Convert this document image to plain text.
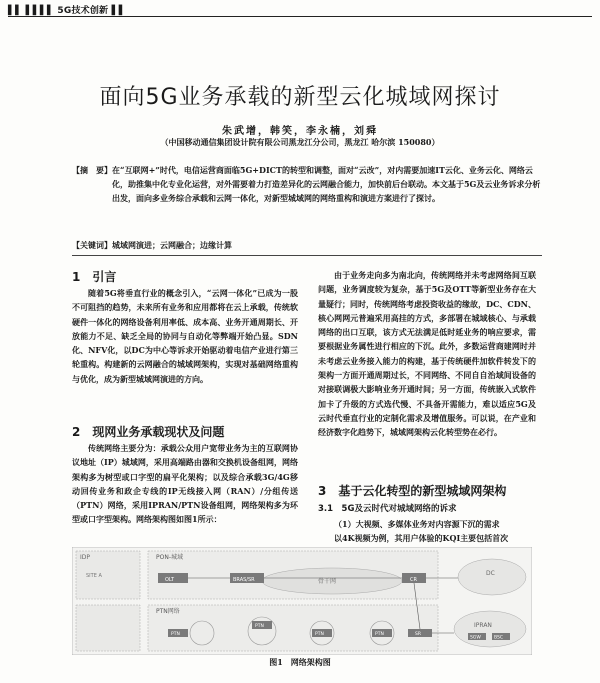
▌▌ ▌▌▌▌ 5G技术创新 ▌▌
面向5G业务承载的新型云化城域网探讨
朱武增，韩笑，李永楠，刘舜
（中国移动通信集团设计院有限公司黑龙江分公司，黑龙江 哈尔滨 150080）
【摘　要】 在“互联网+”时代，电信运营商面临5G+DICT的转型和调整，面对“云改”，对内需要加速IT云化、业务云化、网络云化，助推集中化专业化运营，对外需要着力打造差异化的云网融合能力，加快前后台联动。本文基于5G及云业务诉求分析出发，面向多业务综合承载和云网一体化，对新型城域网的网络重构和演进方案进行了探讨。
【关键词】 城域网演进；云网融合；边缘计算
1　引言

随着5G将垂直行业的概念引入，“云网一体化”已成为一股不可阻挡的趋势，未来所有业务和应用都将在云上承载，传统软硬件一体化的网络设备利用率低、成本高、业务开通周期长、开放能力不足、缺乏全局的协同与自动化等弊端开始凸显。SDN化、NFV化，以DC为中心等诉求开始驱动着电信产业进行第三轮重构。构建新的云网融合的城域网架构，实现对基础网络重构与优化，成为新型城域网演进的方向。

2　现网业务承载现状及问题

传统网络主要分为：承载公众用户宽带业务为主的互联网协议地址（IP）城域网，采用高端路由器和交换机设备组网，网络架构多为树型或口字型的扁平化架构；以及综合承载3G/4G移动回传业务和政企专线的IP无线接入网（RAN）/分组传送（PTN）网络，采用IPRAN/PTN设备组网，网络架构多为环型或口字型架构。网络架构图如图1所示：

由于业务走向多为南北向，传统网络并未考虑网络间互联问题，业务调度较为复杂，基于5G及OTT等新型业务存在大量疑行；同时，传统网络考虑投资收益的缘故，DC、CDN、核心网网元普遍采用高挂的方式，多部署在城域核心、与承载网络的出口互联，该方式无法满足低时延业务的响应要求，需要根据业务属性进行相应的下沉。此外，多数运营商建网时并未考虑云业务接入能力的构建，基于传统硬件加软件转发下的架构一方面开通周期过长，不同网络、不同自自治域间设备的对接联调极大影响业务开通时间；另一方面，传统嵌入式软件加卡了升级的方式选代慢、不具备开需能力，难以适应5G及云时代垂直行业的定制化需求及增值服务。可以说，在产业和经济数字化趋势下，城域网架构云化转型势在必行。

3　基于云化转型的新型城域网架构
3.1　5G及云时代对城域网络的诉求

（1）大视频、多媒体业务对内容源下沉的需求

以4K视频为例，其用户体验的KQI主要包括首次

IDP
SITE A
PON-城域
骨干网
OLT	BRAS/SR	CR
DC
PTN网络
PTN
PTN
PTN	PTN	SR
IPRAN
SGW	BSC
图1　网络架构图
